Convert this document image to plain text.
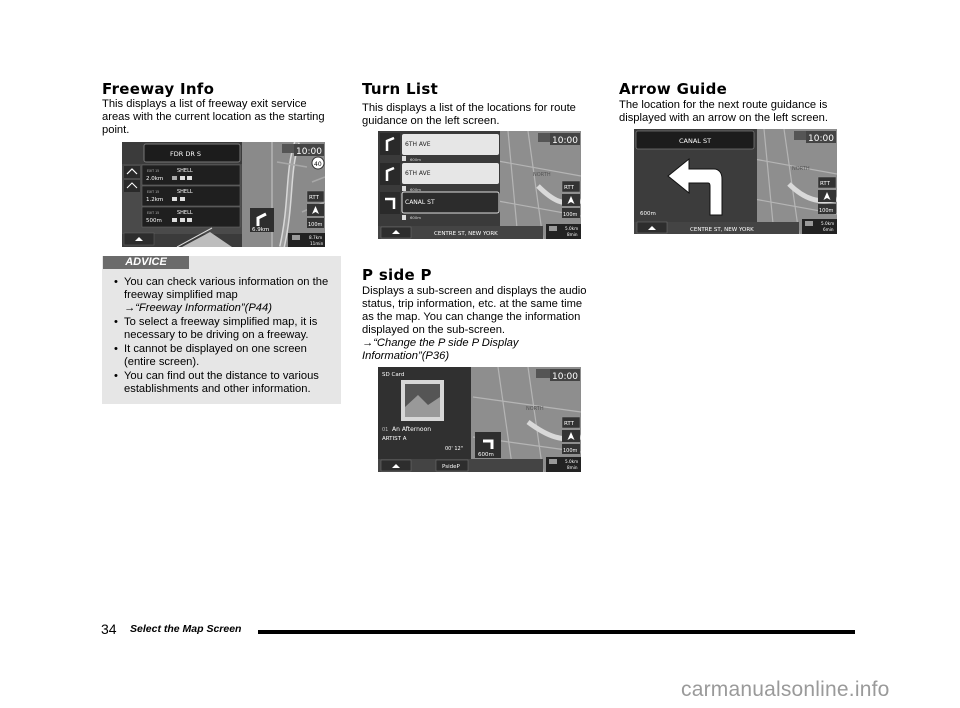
Freeway Info

This displays a list of freeway exit service areas with the current location as the starting point.

FDR DR S
EXIT 15
2.0km
SHELL
EXIT 15
1.2km
SHELL
EXIT 15
500m
SHELL
6.9km
10:00
40
RTT
100m
8.7km
11min
• You can check various information on the freeway simplified map
→“Freeway Information”(P44)
• To select a freeway simplified map, it is necessary to be driving on a freeway.
• It cannot be displayed on one screen (entire screen).
• You can find out the distance to various establishments and other information.
ADVICE
Turn List

This displays a list of the locations for route guidance on the left screen.

NORTH
6TH AVE
600m
6TH AVE
600m
CANAL ST
600m
CENTRE ST, NEW YORK
10:00
RTT
100m
5.0km
8min
P side P

Displays a sub-screen and displays the audio status, trip information, etc. at the same time as the map. You can change the information displayed on the sub-screen.
→“Change the P side P Display Information”(P36)

NORTH
SD Card
01 An Afternoon
ARTIST A
00' 12"
600m
PsideP
10:00
RTT
100m
5.0km
8min
Arrow Guide

The location for the next route guidance is displayed with an arrow on the left screen.

NORTH
CANAL ST
600m
CENTRE ST, NEW YORK
10:00
RTT
100m
5.0km
6min
34 Select the Map Screen
carmanualsonline.info
